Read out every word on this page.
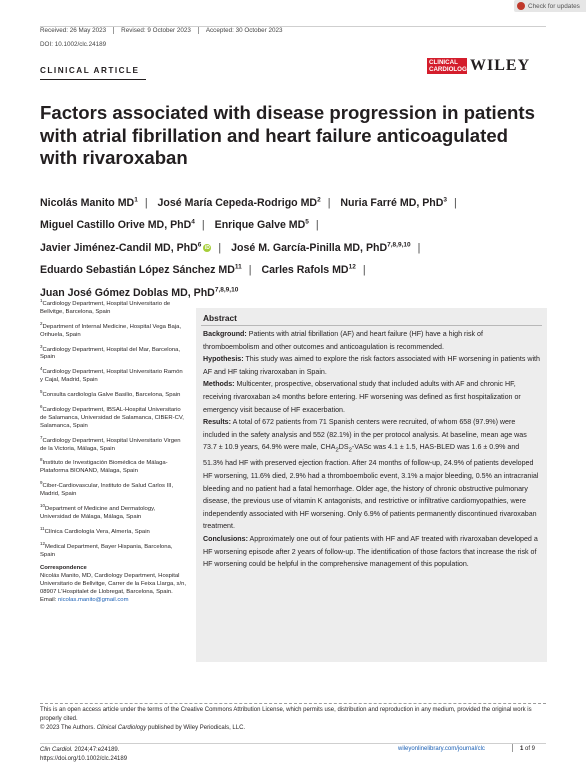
Received: 26 May 2023	Revised: 9 October 2023	Accepted: 30 October 2023
DOI: 10.1002/clc.24189
Check for updates
CLINICAL ARTICLE
CLINICAL
CARDIOLOGY WILEY
Factors associated with disease progression in patients with atrial fibrillation and heart failure anticoagulated with rivaroxaban
Nicolás Manito $MD^1$ | José María Cepeda-Rodrigo $MD^2$ | Nuria Farré MD, PhD$^3$ |
Miguel Castillo Orive MD, PhD$^4$ | Enrique Galve $MD^5$ |
Javier Jiménez-Candil MD, PhD$^6$ iD | José M. García-Pinilla MD, PhD$^{7,8,9,10}$ |
Eduardo Sebastián López Sánchez MD$^{11}$ | Carles Rafols MD$^{12}$ |
Juan José Gómez Doblas MD, PhD$^{7,8,9,10}$
$^1$Cardiology Department, Hospital Universitario de Bellvitge, Barcelona, Spain
$^2$Department of Internal Medicine, Hospital Vega Baja, Orihuela, Spain
$^3$Cardiology Department, Hospital del Mar, Barcelona, Spain
$^4$Cardiology Department, Hospital Universitario Ramón y Cajal, Madrid, Spain
$^5$Consulta cardiología Galve Basilio, Barcelona, Spain
$^6$Cardiology Department, IBSAL-Hospital Universitario de Salamanca, Universidad de Salamanca, CIBER-CV, Salamanca, Spain
$^7$Cardiology Department, Hospital Universitario Virgen de la Victoria, Málaga, Spain
$^8$Instituto de Investigación Biomédica de Málaga-Plataforma BIONAND, Málaga, Spain
$^9$Ciber-Cardiovascular, Instituto de Salud Carlos III, Madrid, Spain
$^{10}$Department of Medicine and Dermatology, Universidad de Málaga, Málaga, Spain
$^{11}$Clínica Cardiología Vera, Almería, Spain
$^{12}$Medical Department, Bayer Hispania, Barcelona, Spain
Correspondence
Nicolás Manito, MD, Cardiology Department, Hospital Universitario de Bellvitge, Carrer de la Feixa Llarga, s/n, 08907 L'Hospitalet de Llobregat, Barcelona, Spain.
Email: nicolas.manito@gmail.com
Abstract

Background: Patients with atrial fibrillation (AF) and heart failure (HF) have a high risk of thromboembolism and other outcomes and anticoagulation is recommended.

Hypothesis: This study was aimed to explore the risk factors associated with HF worsening in patients with AF and HF taking rivaroxaban in Spain.

Methods: Multicenter, prospective, observational study that included adults with AF and chronic HF, receiving rivaroxaban ≥4 months before entering. HF worsening was defined as first hospitalization or emergency visit because of HF exacerbation.

Results: A total of 672 patients from 71 Spanish centers were recruited, of whom 658 (97.9%) were included in the safety analysis and 552 (82.1%) in the per protocol analysis. At baseline, mean age was 73.7 ± 10.9 years, 64.9% were male, $CHA_2DS_2$-VASc was 4.1 ± 1.5, HAS-BLED was 1.6 ± 0.9% and 51.3% had HF with preserved ejection fraction. After 24 months of follow-up, 24.9% of patients developed HF worsening, 11.6% died, 2.9% had a thromboembolic event, 3.1% a major bleeding, 0.5% an intracranial bleeding and no patient had a fatal hemorrhage. Older age, the history of chronic obstructive pulmonary disease, the previous use of vitamin K antagonists, and restrictive or infiltrative cardiomyopathies, were independently associated with HF worsening. Only 6.9% of patients permanently discontinued rivaroxaban treatment.

Conclusions: Approximately one out of four patients with HF and AF treated with rivaroxaban developed a HF worsening episode after 2 years of follow-up. The identification of those factors that increase the risk of HF worsening could be helpful in the comprehensive management of this population.

This is an open access article under the terms of the Creative Commons Attribution License, which permits use, distribution and reproduction in any medium, provided the original work is properly cited.
© 2023 The Authors. Clinical Cardiology published by Wiley Periodicals, LLC.
Clin Cardiol. 2024;47:e24189.
https://doi.org/10.1002/clc.24189
wileyonlinelibrary.com/journal/clc	1 of 9
